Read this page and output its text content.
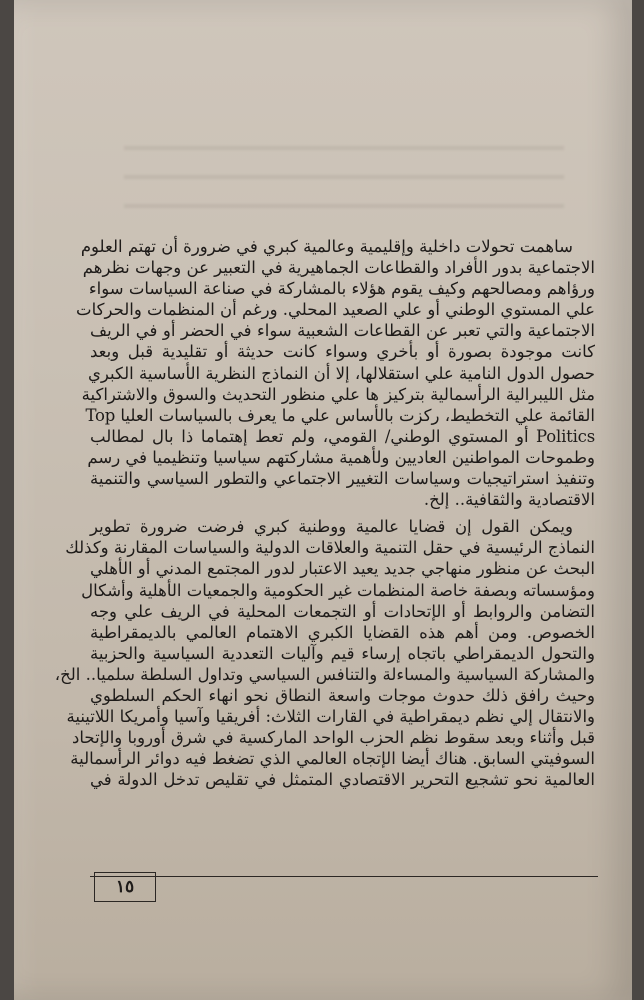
ساهمت تحولات داخلية وإقليمية وعالمية كبري في ضرورة أن تهتم العلوم
الاجتماعية بدور الأفراد والقطاعات الجماهيرية في التعبير عن وجهات نظرهم
ورؤاهم ومصالحهم وكيف يقوم هؤلاء بالمشاركة في صناعة السياسات سواء
علي المستوي الوطني أو علي الصعيد المحلي. ورغم أن المنظمات والحركات
الاجتماعية والتي تعبر عن القطاعات الشعبية سواء في الحضر أو في الريف
كانت موجودة بصورة أو بأخري وسواء كانت حديثة أو تقليدية قبل وبعد
حصول الدول النامية علي استقلالها، إلا أن النماذج النظرية الأساسية الكبري
مثل الليبرالية الرأسمالية بتركيز ها علي منظور التحديث والسوق والاشتراكية
القائمة علي التخطيط، ركزت بالأساس علي ما يعرف بالسياسات العليا Top
Politics أو المستوي الوطني/ القومي، ولم تعط إهتماما ذا بال لمطالب
وطموحات المواطنين العاديين ولأهمية مشاركتهم سياسيا وتنظيميا في رسم
وتنفيذ استراتيجيات وسياسات التغيير الاجتماعي والتطور السياسي والتنمية
الاقتصادية والثقافية.. إلخ.
ويمكن القول إن قضايا عالمية ووطنية كبري فرضت ضرورة تطوير
النماذج الرئيسية في حقل التنمية والعلاقات الدولية والسياسات المقارنة وكذلك
البحث عن منظور منهاجي جديد يعيد الاعتبار لدور المجتمع المدني أو الأهلي
ومؤسساته وبصفة خاصة المنظمات غير الحكومية والجمعيات الأهلية وأشكال
التضامن والروابط أو الإتحادات أو التجمعات المحلية في الريف علي وجه
الخصوص. ومن أهم هذه القضايا الكبري الاهتمام العالمي بالديمقراطية
والتحول الديمقراطي باتجاه إرساء قيم وآليات التعددية السياسية والحزبية
والمشاركة السياسية والمساءلة والتنافس السياسي وتداول السلطة سلميا.. الخ،
وحيث رافق ذلك حدوث موجات واسعة النطاق نحو انهاء الحكم السلطوي
والانتقال إلي نظم ديمقراطية في القارات الثلاث: أفريقيا وآسيا وأمريكا اللاتينية
قبل وأثناء وبعد سقوط نظم الحزب الواحد الماركسية في شرق أوروبا والإتحاد
السوفيتي السابق. هناك أيضا الإتجاه العالمي الذي تضغط فيه دوائر الرأسمالية
العالمية نحو تشجيع التحرير الاقتصادي المتمثل في تقليص تدخل الدولة في
١٥
